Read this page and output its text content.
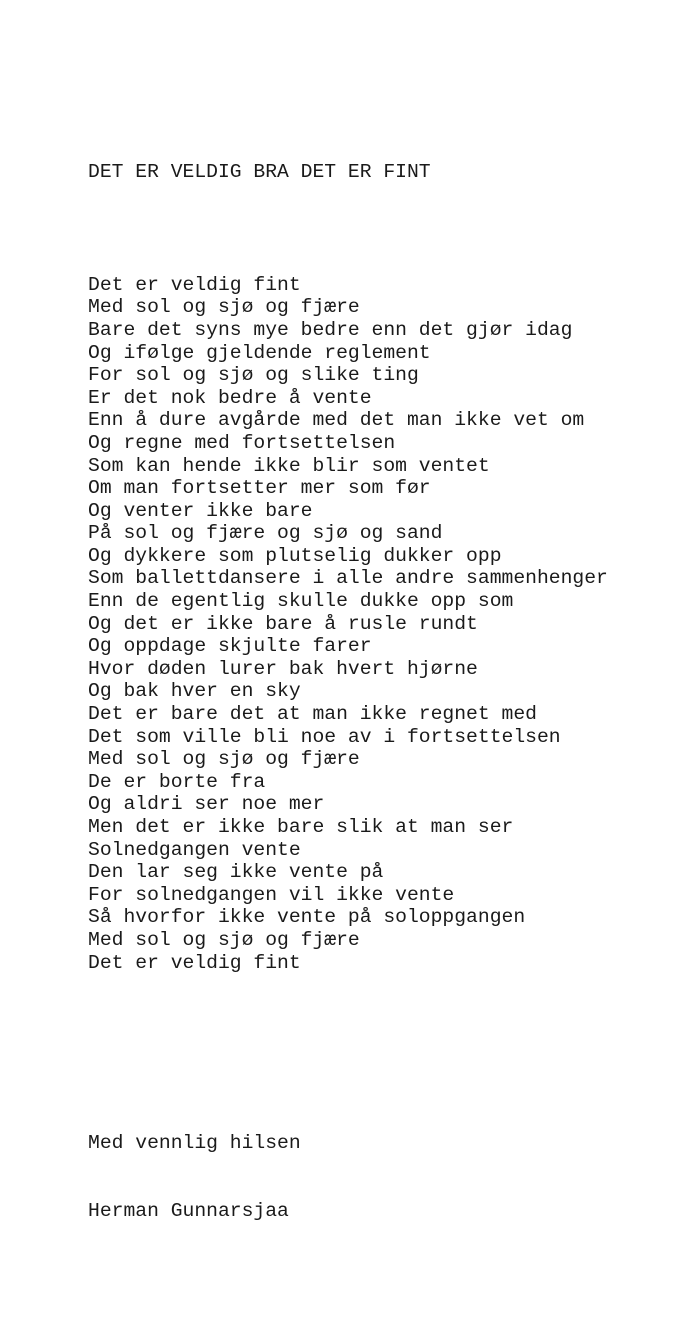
DET ER VELDIG BRA DET ER FINT

Det er veldig fint
Med sol og sjø og fjære
Bare det syns mye bedre enn det gjør idag
Og ifølge gjeldende reglement
For sol og sjø og slike ting
Er det nok bedre å vente
Enn å dure avgårde med det man ikke vet om
Og regne med fortsettelsen
Som kan hende ikke blir som ventet
Om man fortsetter mer som før
Og venter ikke bare
På sol og fjære og sjø og sand
Og dykkere som plutselig dukker opp
Som ballettdansere i alle andre sammenhenger
Enn de egentlig skulle dukke opp som
Og det er ikke bare å rusle rundt
Og oppdage skjulte farer
Hvor døden lurer bak hvert hjørne
Og bak hver en sky
Det er bare det at man ikke regnet med
Det som ville bli noe av i fortsettelsen
Med sol og sjø og fjære
De er borte fra
Og aldri ser noe mer
Men det er ikke bare slik at man ser
Solnedgangen vente
Den lar seg ikke vente på
For solnedgangen vil ikke vente
Så hvorfor ikke vente på soloppgangen
Med sol og sjø og fjære
Det er veldig fint

Med vennlig hilsen

Herman Gunnarsjaa
